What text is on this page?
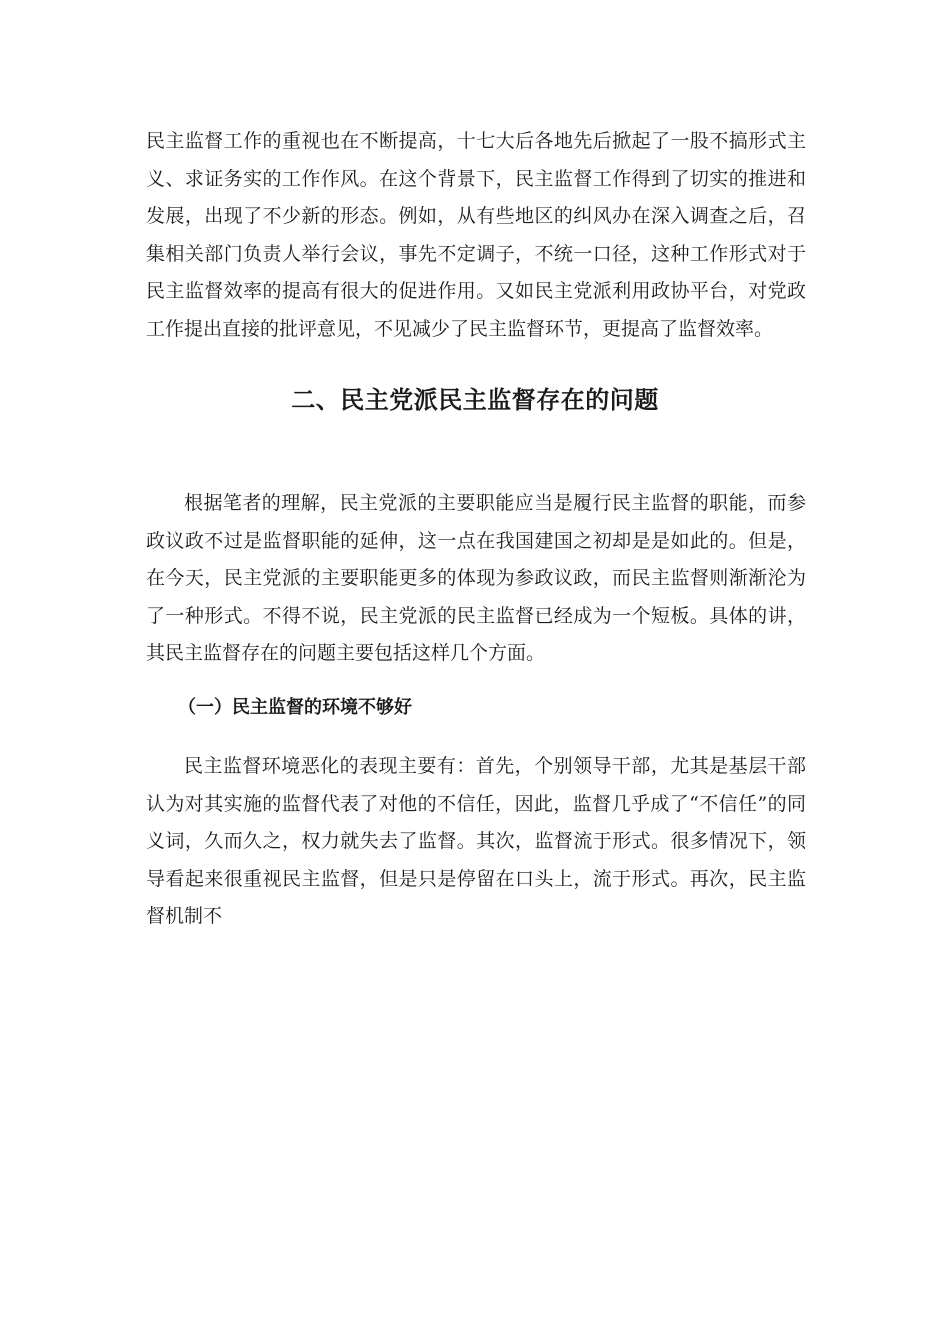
民主监督工作的重视也在不断提高，十七大后各地先后掀起了一股不搞形式主义、求证务实的工作作风。在这个背景下，民主监督工作得到了切实的推进和发展，出现了不少新的形态。例如，从有些地区的纠风办在深入调查之后，召集相关部门负责人举行会议，事先不定调子，不统一口径，这种工作形式对于民主监督效率的提高有很大的促进作用。又如民主党派利用政协平台，对党政工作提出直接的批评意见，不见减少了民主监督环节，更提高了监督效率。

二、民主党派民主监督存在的问题

根据笔者的理解，民主党派的主要职能应当是履行民主监督的职能，而参政议政不过是监督职能的延伸，这一点在我国建国之初却是是如此的。但是，在今天，民主党派的主要职能更多的体现为参政议政，而民主监督则渐渐沦为了一种形式。不得不说，民主党派的民主监督已经成为一个短板。具体的讲，其民主监督存在的问题主要包括这样几个方面。

（一）民主监督的环境不够好

民主监督环境恶化的表现主要有：首先，个别领导干部，尤其是基层干部认为对其实施的监督代表了对他的不信任，因此，监督几乎成了“不信任”的同义词，久而久之，权力就失去了监督。其次，监督流于形式。很多情况下，领导看起来很重视民主监督，但是只是停留在口头上，流于形式。再次，民主监督机制不
